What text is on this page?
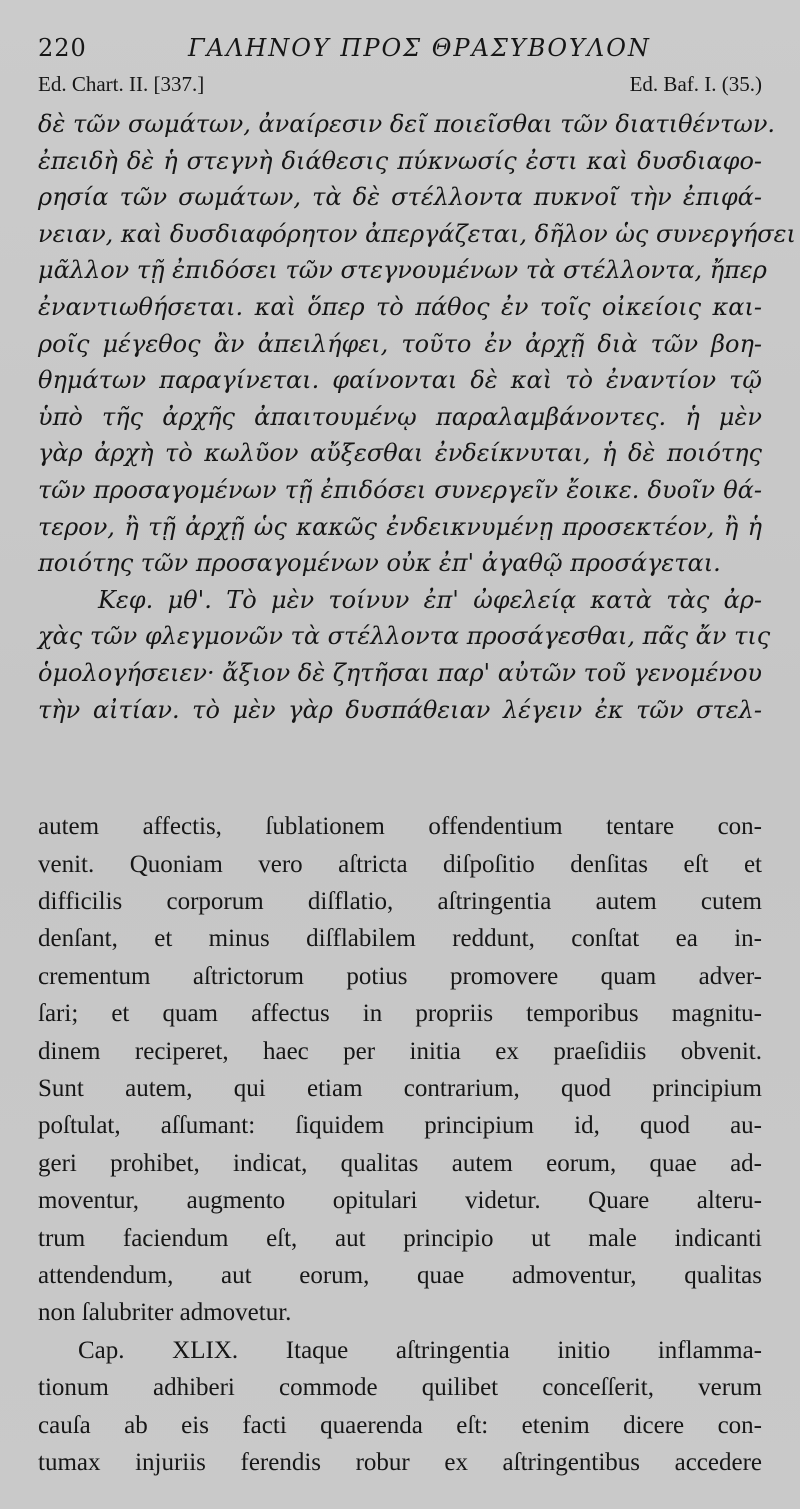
220	ΓΑΛΗΝΟΥ ΠΡΟΣ ΘΡΑΣΥΒΟΥΛΟΝ
Ed. Chart. II. [337.]	Ed. Baf. I. (35.)
δὲ τῶν σωμάτων, ἀναίρεσιν δεῖ ποιεῖσθαι τῶν διατιθέντων.
ἐπειδὴ δὲ ἡ στεγνὴ διάθεσις πύκνωσίς ἐστι καὶ δυσδιαφο-
ρησία τῶν σωμάτων, τὰ δὲ στέλλοντα πυκνοῖ τὴν ἐπιφά-
νειαν, καὶ δυσδιαφόρητον ἀπεργάζεται, δῆλον ὡς συνεργήσει
μᾶλλον τῇ ἐπιδόσει τῶν στεγνουμένων τὰ στέλλοντα, ἤπερ
ἐναντιωθήσεται. καὶ ὅπερ τὸ πάθος ἐν τοῖς οἰκείοις και-
ροῖς μέγεθος ἂν ἀπειλήφει, τοῦτο ἐν ἀρχῇ διὰ τῶν βοη-
θημάτων παραγίνεται. φαίνονται δὲ καὶ τὸ ἐναντίον τῷ
ὑπὸ τῆς ἀρχῆς ἀπαιτουμένῳ παραλαμβάνοντες. ἡ μὲν
γὰρ ἀρχὴ τὸ κωλῦον αὔξεσθαι ἐνδείκνυται, ἡ δὲ ποιότης
τῶν προσαγομένων τῇ ἐπιδόσει συνεργεῖν ἔοικε. δυοῖν θά-
τερον, ἢ τῇ ἀρχῇ ὡς κακῶς ἐνδεικνυμένῃ προσεκτέον, ἢ ἡ
ποιότης τῶν προσαγομένων οὐκ ἐπ' ἀγαθῷ προσάγεται.
Κεφ. μθ'. Τὸ μὲν τοίνυν ἐπ' ὠφελείᾳ κατὰ τὰς ἀρ-
χὰς τῶν φλεγμονῶν τὰ στέλλοντα προσάγεσθαι, πᾶς ἄν τις
ὁμολογήσειεν· ἄξιον δὲ ζητῆσαι παρ' αὐτῶν τοῦ γενομένου
τὴν αἰτίαν. τὸ μὲν γὰρ δυσπάθειαν λέγειν ἐκ τῶν στελ-
autem affectis, ſublationem offendentium tentare con-
venit. Quoniam vero aſtricta diſpoſitio denſitas eſt et
difficilis corporum diſflatio, aſtringentia autem cutem
denſant, et minus diſflabilem reddunt, conſtat ea in-
crementum aſtrictorum potius promovere quam adver-
ſari; et quam affectus in propriis temporibus magnitu-
dinem reciperet, haec per initia ex praeſidiis obvenit.
Sunt autem, qui etiam contrarium, quod principium
poſtulat, aſſumant: ſiquidem principium id, quod au-
geri prohibet, indicat, qualitas autem eorum, quae ad-
moventur, augmento opitulari videtur. Quare alteru-
trum faciendum eſt, aut principio ut male indicanti
attendendum, aut eorum, quae admoventur, qualitas
non ſalubriter admovetur.
Cap. XLIX. Itaque aſtringentia initio inflamma-
tionum adhiberi commode quilibet conceſſerit, verum
cauſa ab eis facti quaerenda eſt: etenim dicere con-
tumax injuriis ferendis robur ex aſtringentibus accedere
